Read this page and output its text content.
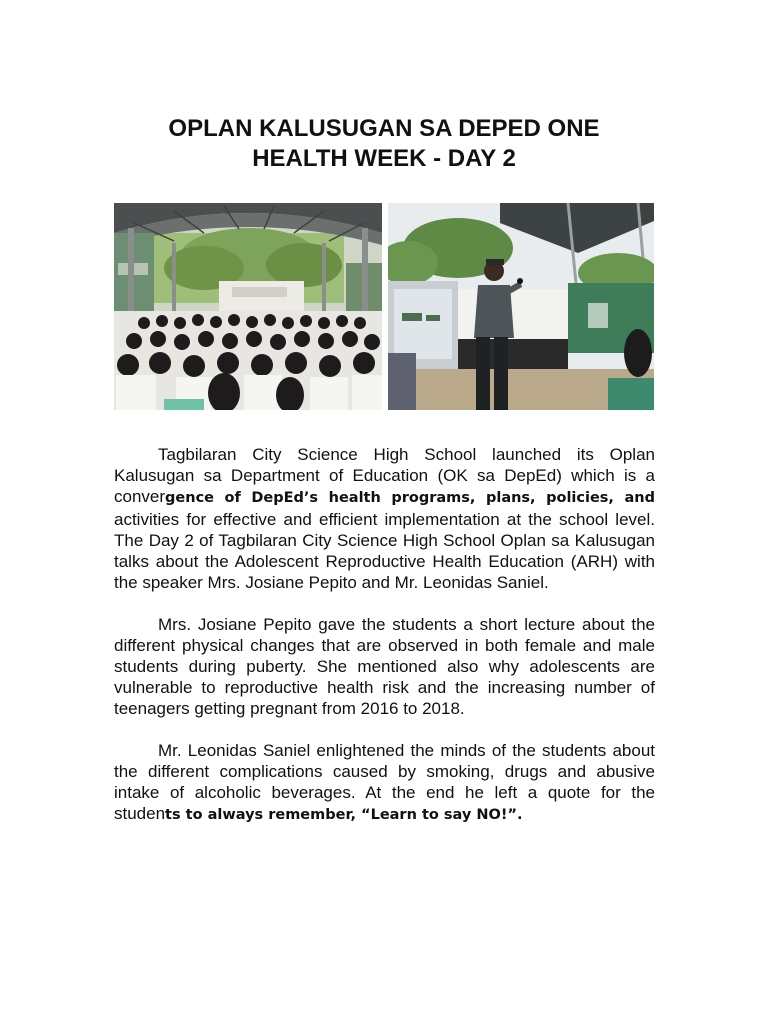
OPLAN KALUSUGAN SA DEPED ONE
HEALTH WEEK - DAY 2

Tagbilaran City Science High School launched its Oplan Kalusugan sa Department of Education (OK sa DepEd) which is a convergence of DepEd’s health programs, plans, policies, and activities for effective and efficient implementation at the school level. The Day 2 of Tagbilaran City Science High School Oplan sa Kalusugan talks about the Adolescent Reproductive Health Education (ARH) with the speaker Mrs. Josiane Pepito and Mr. Leonidas Saniel.

Mrs. Josiane Pepito gave the students a short lecture about the different physical changes that are observed in both female and male students during puberty. She mentioned also why adolescents are vulnerable to reproductive health risk and the increasing number of teenagers getting pregnant from 2016 to 2018.

Mr. Leonidas Saniel enlightened the minds of the students about the different complications caused by smoking, drugs and abusive intake of alcoholic beverages. At the end he left a quote for the students to always remember, “Learn to say NO!”.
